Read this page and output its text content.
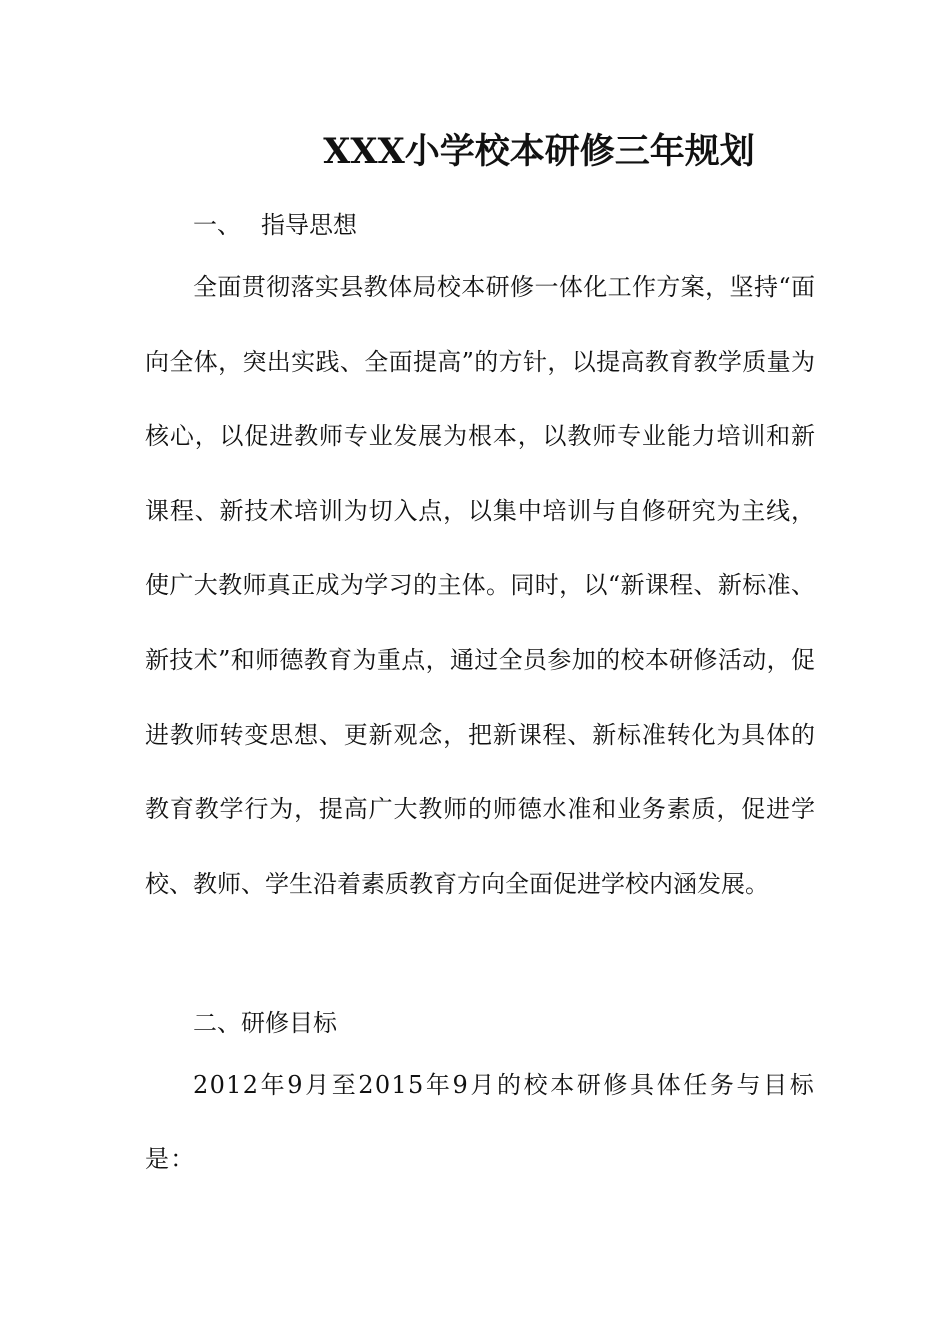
XXX小学校本研修三年规划
一、 指导思想

全面贯彻落实县教体局校本研修一体化工作方案，坚持“面向全体，突出实践、全面提高”的方针，以提高教育教学质量为核心，以促进教师专业发展为根本，以教师专业能力培训和新课程、新技术培训为切入点，以集中培训与自修研究为主线，使广大教师真正成为学习的主体。同时，以“新课程、新标准、新技术”和师德教育为重点，通过全员参加的校本研修活动，促进教师转变思想、更新观念，把新课程、新标准转化为具体的教育教学行为，提高广大教师的师德水准和业务素质，促进学校、教师、学生沿着素质教育方向全面促进学校内涵发展。

二、研修目标

2012年9月至2015年9月的校本研修具体任务与目标是：
